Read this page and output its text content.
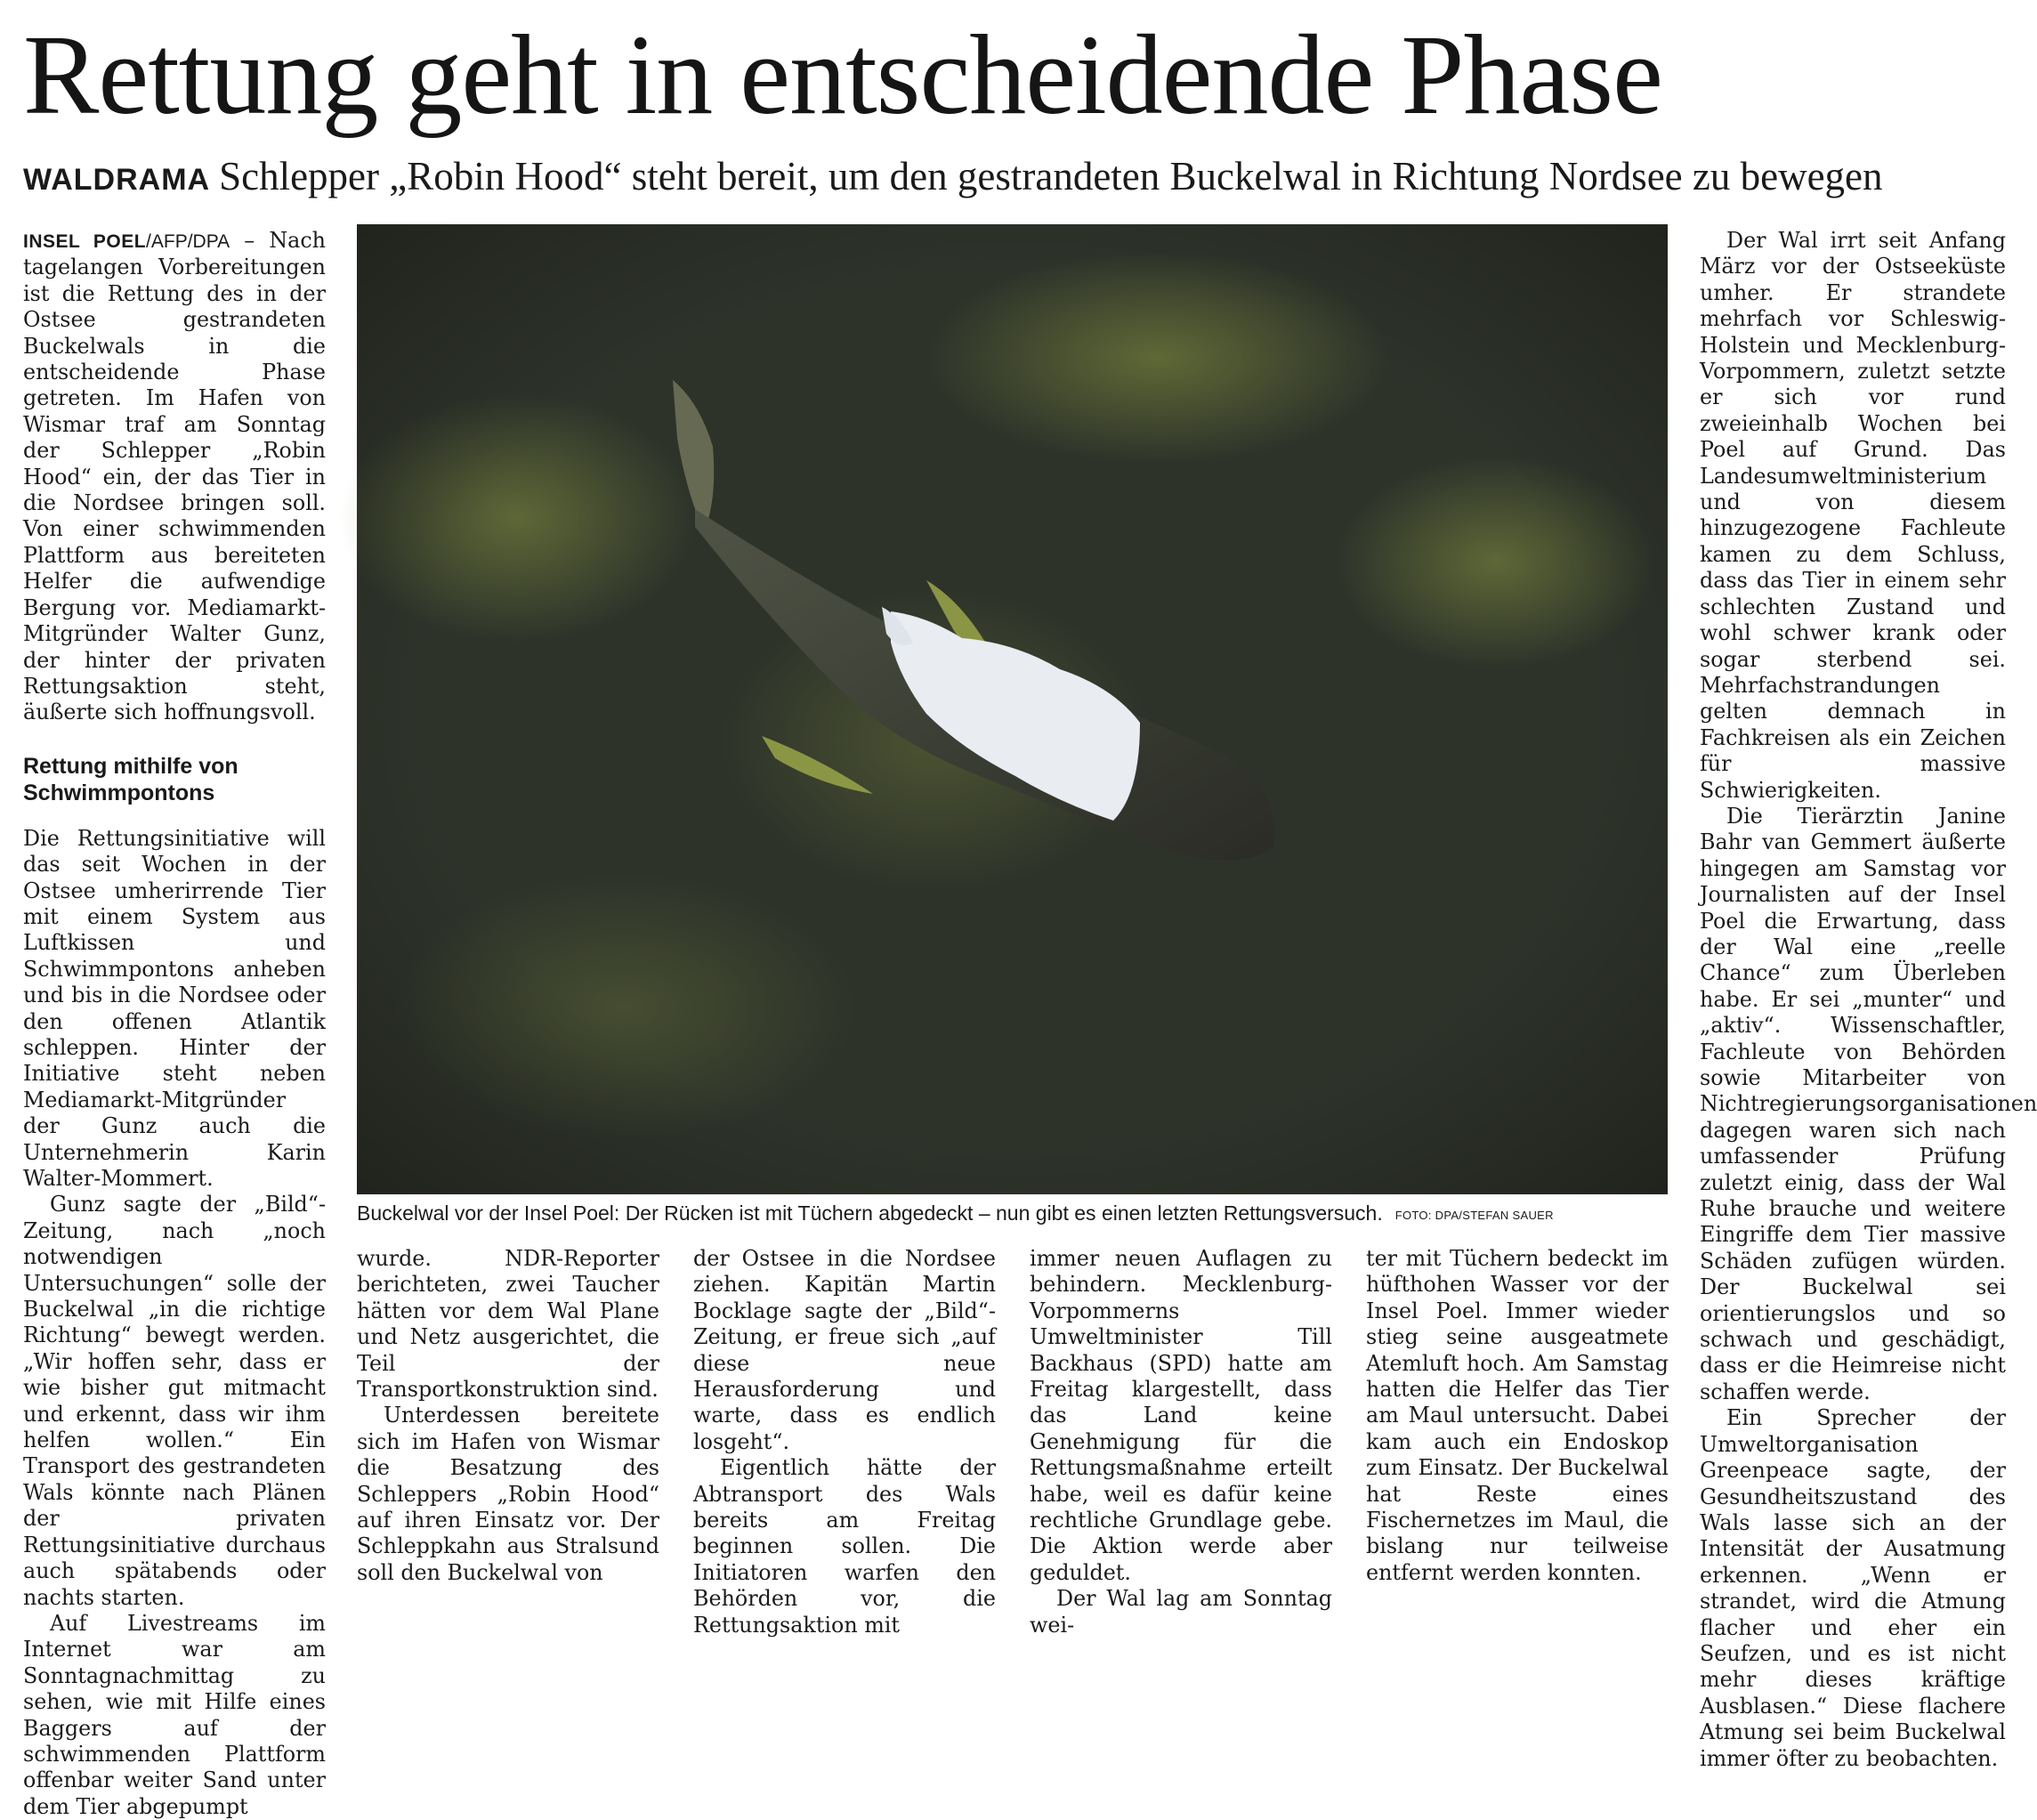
Rettung geht in entscheidende Phase

WALDRAMA Schlepper „Robin Hood“ steht bereit, um den gestrandeten Buckelwal in Richtung Nordsee zu bewegen

INSEL POEL/AFP/DPA – Nach tagelangen Vorbereitungen ist die Rettung des in der Ostsee gestrandeten Buckelwals in die entscheidende Phase getreten. Im Hafen von Wismar traf am Sonntag der Schlepper „Robin Hood“ ein, der das Tier in die Nordsee bringen soll. Von einer schwimmenden Plattform aus bereiteten Helfer die aufwendige Bergung vor. Mediamarkt-Mitgründer Walter Gunz, der hinter der privaten Rettungsaktion steht, äußerte sich hoffnungsvoll.

Rettung mithilfe von Schwimmpontons

Die Rettungsinitiative will das seit Wochen in der Ostsee umherirrende Tier mit einem System aus Luftkissen und Schwimmpontons anheben und bis in die Nordsee oder den offenen Atlantik schleppen. Hinter der Initiative steht neben Mediamarkt-Mitgründer der Gunz auch die Unternehmerin Karin Walter-Mommert.

Gunz sagte der „Bild“-Zeitung, nach „noch notwendigen Untersuchungen“ solle der Buckelwal „in die richtige Richtung“ bewegt werden. „Wir hoffen sehr, dass er wie bisher gut mitmacht und erkennt, dass wir ihm helfen wollen.“ Ein Transport des gestrandeten Wals könnte nach Plänen der privaten Rettungsinitiative durchaus auch spätabends oder nachts starten.

Auf Livestreams im Internet war am Sonntagnachmittag zu sehen, wie mit Hilfe eines Baggers auf der schwimmenden Plattform offenbar weiter Sand unter dem Tier abgepumpt

Buckelwal vor der Insel Poel: Der Rücken ist mit Tüchern abgedeckt – nun gibt es einen letzten Rettungsversuch. FOTO: DPA/STEFAN SAUER

wurde. NDR-Reporter berichteten, zwei Taucher hätten vor dem Wal Plane und Netz ausgerichtet, die Teil der Transportkonstruktion sind.

Unterdessen bereitete sich im Hafen von Wismar die Besatzung des Schleppers „Robin Hood“ auf ihren Einsatz vor. Der Schleppkahn aus Stralsund soll den Buckelwal von

der Ostsee in die Nordsee ziehen. Kapitän Martin Bocklage sagte der „Bild“-Zeitung, er freue sich „auf diese neue Herausforderung und warte, dass es endlich losgeht“.

Eigentlich hätte der Abtransport des Wals bereits am Freitag beginnen sollen. Die Initiatoren warfen den Behörden vor, die Rettungsaktion mit

immer neuen Auflagen zu behindern. Mecklenburg-Vorpommerns Umweltminister Till Backhaus (SPD) hatte am Freitag klargestellt, dass das Land keine Genehmigung für die Rettungsmaßnahme erteilt habe, weil es dafür keine rechtliche Grundlage gebe. Die Aktion werde aber geduldet.

Der Wal lag am Sonntag wei-

ter mit Tüchern bedeckt im hüfthohen Wasser vor der Insel Poel. Immer wieder stieg seine ausgeatmete Atemluft hoch. Am Samstag hatten die Helfer das Tier am Maul untersucht. Dabei kam auch ein Endoskop zum Einsatz. Der Buckelwal hat Reste eines Fischernetzes im Maul, die bislang nur teilweise entfernt werden konnten.

Der Wal irrt seit Anfang März vor der Ostseeküste umher. Er strandete mehrfach vor Schleswig-Holstein und Mecklenburg-Vorpommern, zuletzt setzte er sich vor rund zweieinhalb Wochen bei Poel auf Grund. Das Landesumweltministerium und von diesem hinzugezogene Fachleute kamen zu dem Schluss, dass das Tier in einem sehr schlechten Zustand und wohl schwer krank oder sogar sterbend sei. Mehrfachstrandungen gelten demnach in Fachkreisen als ein Zeichen für massive Schwierigkeiten.

Die Tierärztin Janine Bahr van Gemmert äußerte hingegen am Samstag vor Journalisten auf der Insel Poel die Erwartung, dass der Wal eine „reelle Chance“ zum Überleben habe. Er sei „munter“ und „aktiv“. Wissenschaftler, Fachleute von Behörden sowie Mitarbeiter von Nichtregierungsorganisationen dagegen waren sich nach umfassender Prüfung zuletzt einig, dass der Wal Ruhe brauche und weitere Eingriffe dem Tier massive Schäden zufügen würden. Der Buckelwal sei orientierungslos und so schwach und geschädigt, dass er die Heimreise nicht schaffen werde.

Ein Sprecher der Umweltorganisation Greenpeace sagte, der Gesundheitszustand des Wals lasse sich an der Intensität der Ausatmung erkennen. „Wenn er strandet, wird die Atmung flacher und eher ein Seufzen, und es ist nicht mehr dieses kräftige Ausblasen.“ Diese flachere Atmung sei beim Buckelwal immer öfter zu beobachten.
